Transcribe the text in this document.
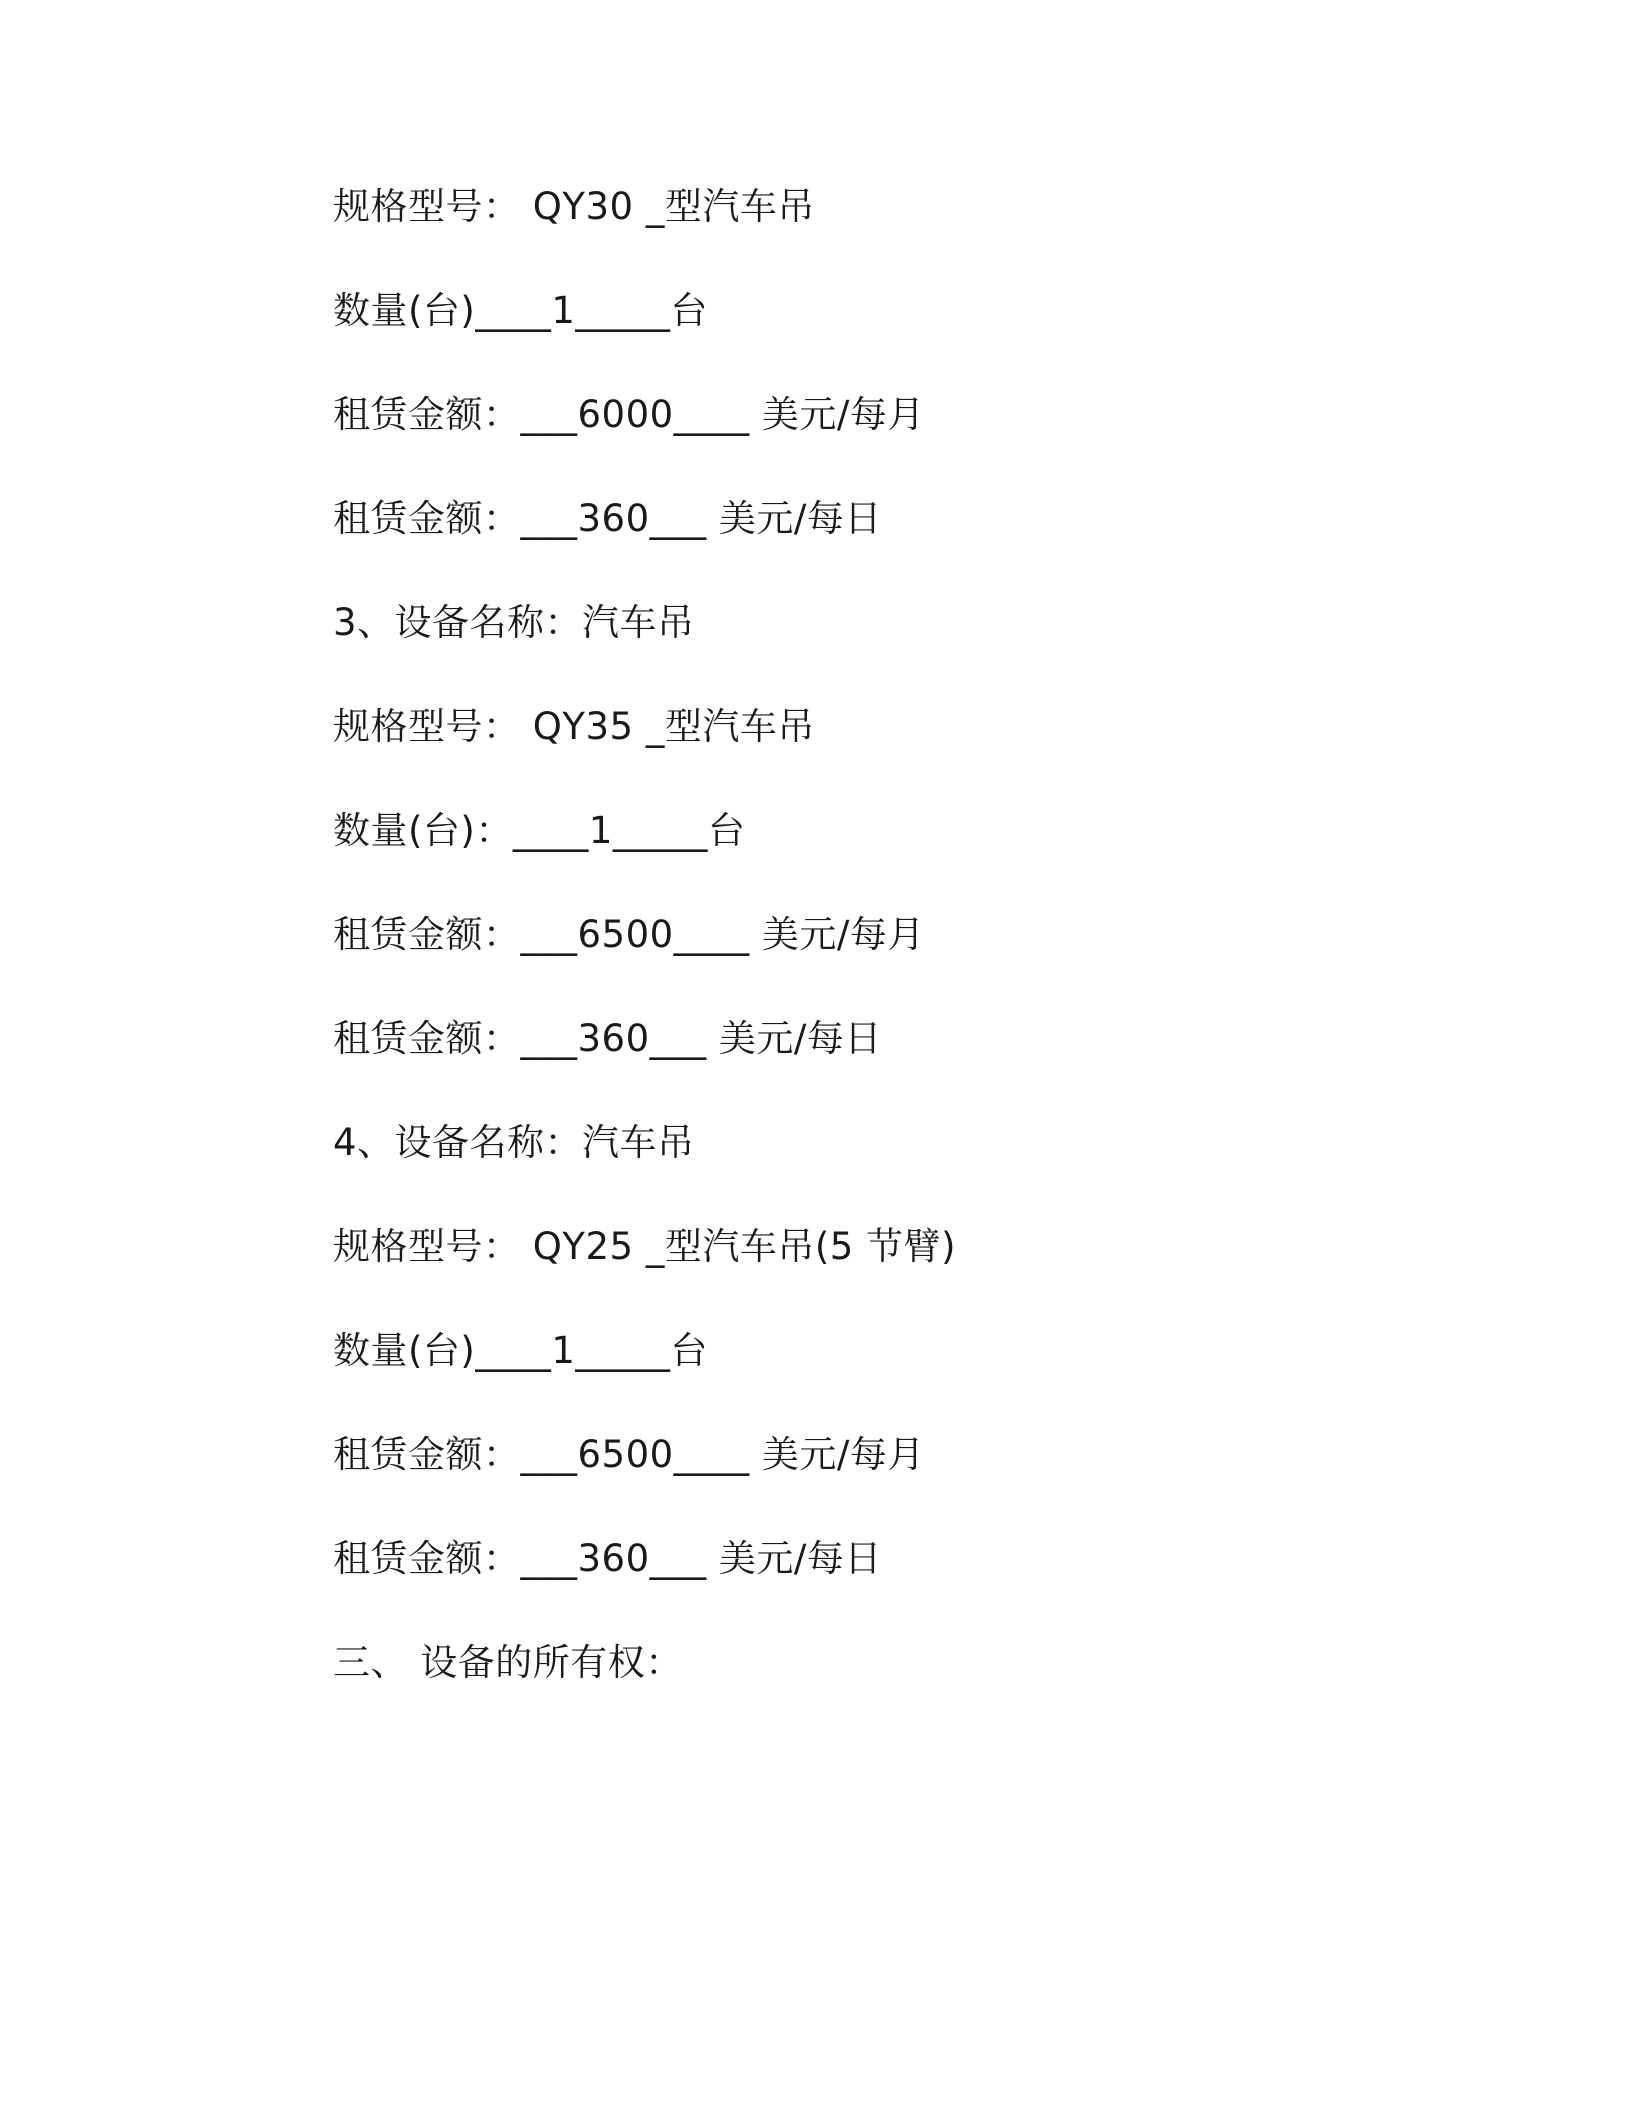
规格型号： QY30 _型汽车吊

数量(台)____1_____台

租赁金额：___6000____ 美元/每月

租赁金额：___360___ 美元/每日

3、设备名称：汽车吊

规格型号： QY35 _型汽车吊

数量(台)：____1_____台

租赁金额：___6500____ 美元/每月

租赁金额：___360___ 美元/每日

4、设备名称：汽车吊

规格型号： QY25 _型汽车吊(5 节臂)

数量(台)____1_____台

租赁金额：___6500____ 美元/每月

租赁金额：___360___ 美元/每日

三、 设备的所有权：
